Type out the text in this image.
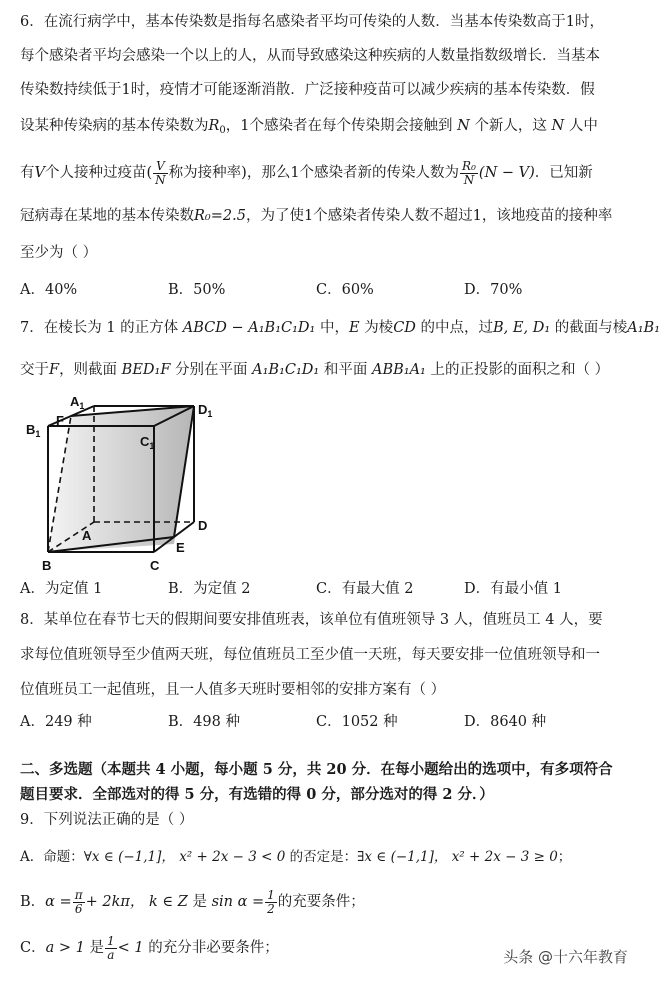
6．在流行病学中，基本传染数是指每名感染者平均可传染的人数．当基本传染数高于1时，
每个感染者平均会感染一个以上的人，从而导致感染这种疾病的人数量指数级增长．当基本
传染数持续低于1时，疫情才可能逐渐消散．广泛接种疫苗可以减少疾病的基本传染数．假
设某种传染病的基本传染数为$R_0$，1个感染者在每个传染期会接触到 N 个新人，这 N 人中
有V个人接种过疫苗( $\frac{V}{N}$ 称为接种率)，那么1个感染者新的传染人数为 $\frac{\text{R₀}}{N} (N - V)$．已知新
冠病毒在某地的基本传染数R₀=2.5，为了使1个感染者传染人数不超过1，该地疫苗的接种率
至少为（ ）
A．40%	B．50%	C．60%	D．70%
7．在棱长为 1 的正方体 ABCD − A₁B₁C₁D₁ 中，E 为棱CD 的中点，过B, E, D₁ 的截面与棱A₁B₁
交于F，则截面 BED₁F 分别在平面 A₁B₁C₁D₁ 和平面 ABB₁A₁ 上的正投影的面积之和（ ）
$A_1$
$B_1$
F
$C_1$
$D_1$
A
B	C
D
E
A．为定值 1	B．为定值 2	C．有最大值 2	D．有最小值 1
8．某单位在春节七天的假期间要安排值班表，该单位有值班领导 3 人，值班员工 4 人，要
求每位值班领导至少值两天班，每位值班员工至少值一天班，每天要安排一位值班领导和一
位值班员工一起值班，且一人值多天班时要相邻的安排方案有（ ）
A．249 种	B．498 种	C．1052 种	D．8640 种
二、多选题（本题共 4 小题，每小题 5 分，共 20 分．在每小题给出的选项中，有多项符合
题目要求．全部选对的得 5 分，有选错的得 0 分，部分选对的得 2 分．）
9．下列说法正确的是（ ）
A．命题：∀x ∈ (−1,1]， x² + 2x − 3 < 0 的否定是：∃x ∈ (−1,1]， x² + 2x − 3 ≥ 0；
B．$\alpha = \frac{\pi}{6} + 2k\pi$， k ∈ Z 是 $\sin \alpha = \frac{1}{2}$ 的充要条件；
C．a > 1 是 $\frac{1}{a} < 1$ 的充分非必要条件；	头条 @十六年教育
